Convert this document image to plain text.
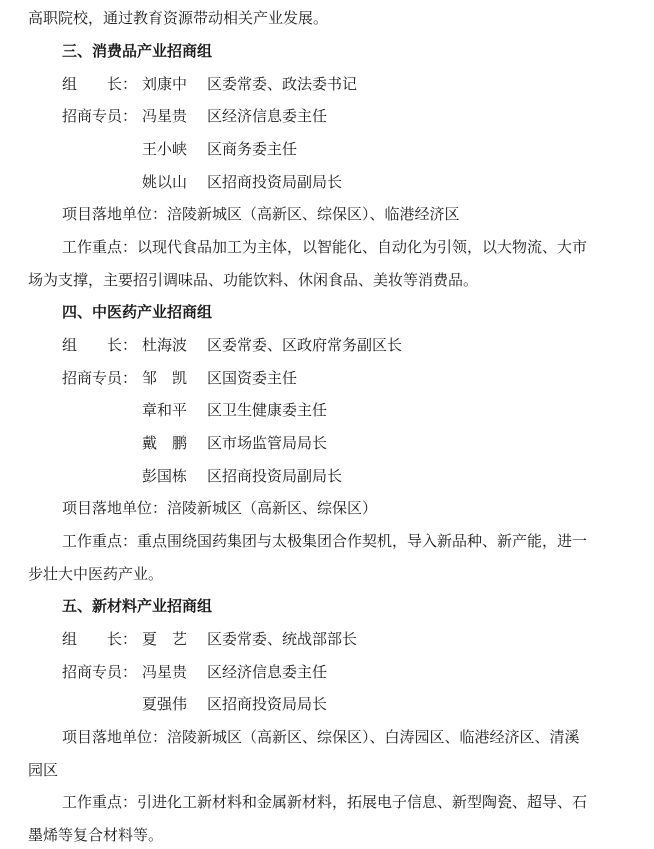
高职院校，通过教育资源带动相关产业发展。
三、消费品产业招商组
组　　长： 刘康中 区委常委、政法委书记
招商专员： 冯星贵 区经济信息委主任
王小峡 区商务委主任
姚以山 区招商投资局副局长
项目落地单位：涪陵新城区（高新区、综保区）、临港经济区
工作重点：以现代食品加工为主体，以智能化、自动化为引领，以大物流、大市
场为支撑，主要招引调味品、功能饮料、休闲食品、美妆等消费品。
四、中医药产业招商组
组　　长： 杜海波 区委常委、区政府常务副区长
招商专员： 邹　凯 区国资委主任
章和平 区卫生健康委主任
戴　鹏 区市场监管局局长
彭国栋 区招商投资局副局长
项目落地单位：涪陵新城区（高新区、综保区）
工作重点：重点围绕国药集团与太极集团合作契机，导入新品种、新产能，进一
步壮大中医药产业。
五、新材料产业招商组
组　　长： 夏　艺 区委常委、统战部部长
招商专员： 冯星贵 区经济信息委主任
夏强伟 区招商投资局局长
项目落地单位：涪陵新城区（高新区、综保区）、白涛园区、临港经济区、清溪
园区
工作重点：引进化工新材料和金属新材料，拓展电子信息、新型陶瓷、超导、石
墨烯等复合材料等。
